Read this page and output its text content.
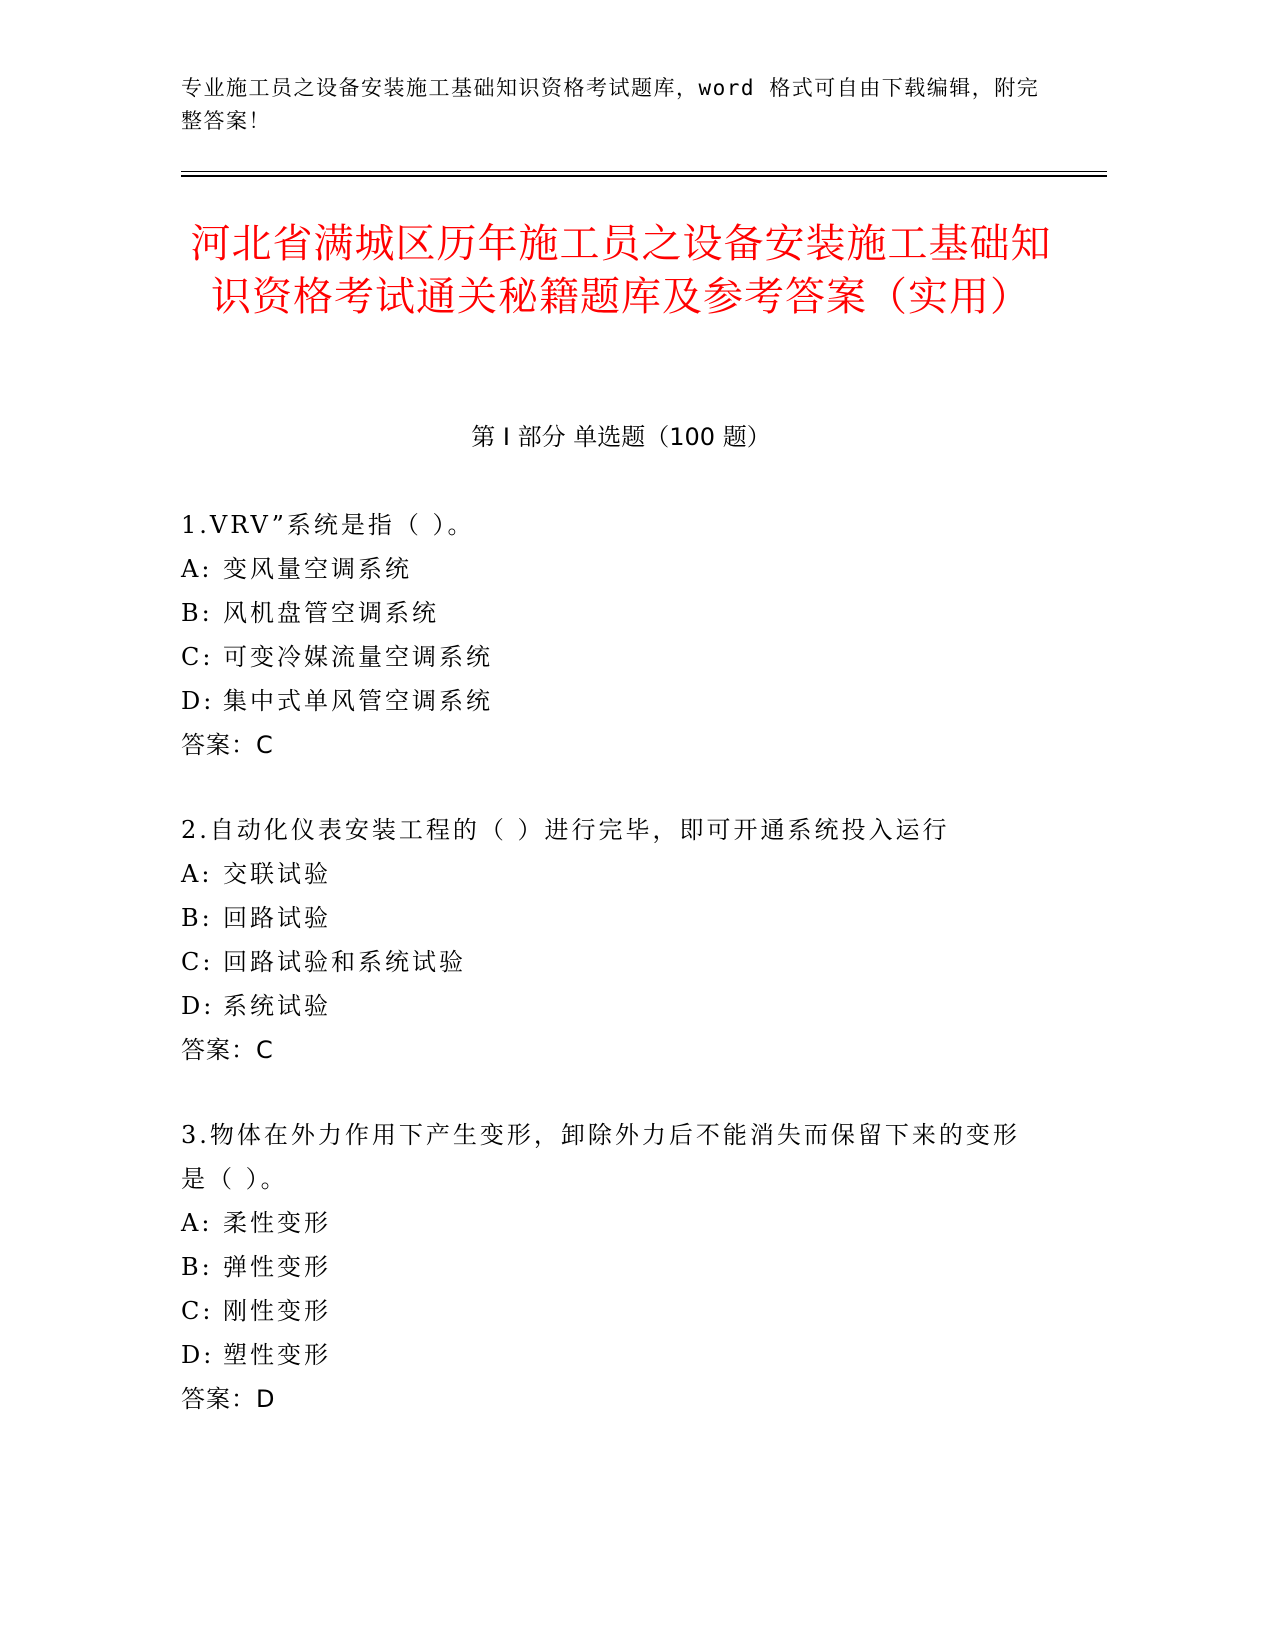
专业施工员之设备安装施工基础知识资格考试题库，word 格式可自由下载编辑，附完整答案！
河北省满城区历年施工员之设备安装施工基础知识资格考试通关秘籍题库及参考答案（实用）
第 I 部分 单选题（100 题）
1.VRV”系统是指（ ）。
A: 变风量空调系统
B: 风机盘管空调系统
C: 可变冷媒流量空调系统
D: 集中式单风管空调系统
答案：C
2.自动化仪表安装工程的（ ）进行完毕，即可开通系统投入运行
A: 交联试验
B: 回路试验
C: 回路试验和系统试验
D: 系统试验
答案：C
3.物体在外力作用下产生变形，卸除外力后不能消失而保留下来的变形是（ ）。
A: 柔性变形
B: 弹性变形
C: 刚性变形
D: 塑性变形
答案：D
